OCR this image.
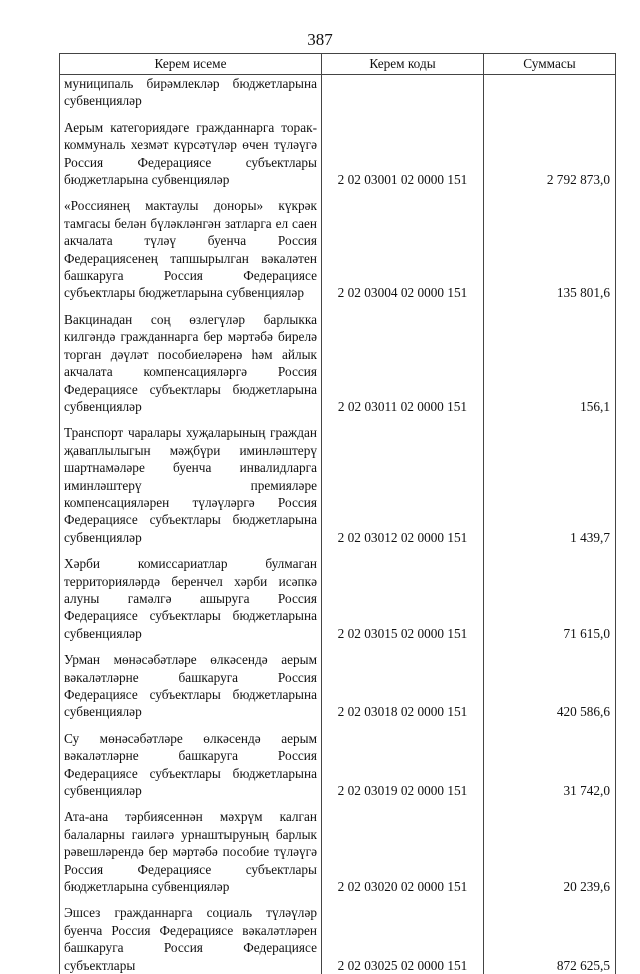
387
Керем исеме	Керем коды	Суммасы
муниципаль бирәмлекләр бюджетларына субвенцияләр		

Аерым категориядәге гражданнарга торак-коммуналь хезмәт күрсәтүләр өчен түләүгә Россия Федерациясе субъектлары бюджетларына субвенцияләр	2 02 03001 02 0000 151	2 792 873,0

«Россиянең мактаулы доноры» күкрәк тамгасы белән бүләкләнгән затларга ел саен акчалата түләү буенча Россия Федерациясенең тапшырылган вәкаләтен башкаруга Россия Федерациясе субъектлары бюджетларына субвенцияләр	2 02 03004 02 0000 151	135 801,6

Вакцинадан соң өзлегүләр барлыкка килгәндә гражданнарга бер мәртәбә бирелә торган дәүләт пособиеләренә һәм айлык акчалата компенсацияләргә Россия Федерациясе субъектлары бюджетларына субвенцияләр	2 02 03011 02 0000 151	156,1

Транспорт чаралары хуҗаларының граждан җаваплылыгын мәҗбүри иминләштерү шартнамәләре буенча инвалидларга иминләштерү премияләре компенсацияләрен түләүләргә Россия Федерациясе субъектлары бюджетларына субвенцияләр	2 02 03012 02 0000 151	1 439,7

Хәрби комиссариатлар булмаган территорияләрдә беренчел хәрби исәпкә алуны гамәлгә ашыруга Россия Федерациясе субъектлары бюджетларына субвенцияләр	2 02 03015 02 0000 151	71 615,0

Урман мөнәсәбәтләре өлкәсендә аерым вәкаләтләрне башкаруга Россия Федерациясе субъектлары бюджетларына субвенцияләр	2 02 03018 02 0000 151	420 586,6

Су мөнәсәбәтләре өлкәсендә аерым вәкаләтләрне башкаруга Россия Федерациясе субъектлары бюджетларына субвенцияләр	2 02 03019 02 0000 151	31 742,0

Ата-ана тәрбиясеннән мәхрүм калган балаларны гаиләгә урнаштыруның барлык рәвешләрендә бер мәртәбә пособие түләүгә Россия Федерациясе субъектлары бюджетларына субвенцияләр	2 02 03020 02 0000 151	20 239,6

Эшсез гражданнарга социаль түләүләр буенча Россия Федерациясе вәкаләтләрен башкаруга Россия Федерациясе субъектлары	2 02 03025 02 0000 151	872 625,5
